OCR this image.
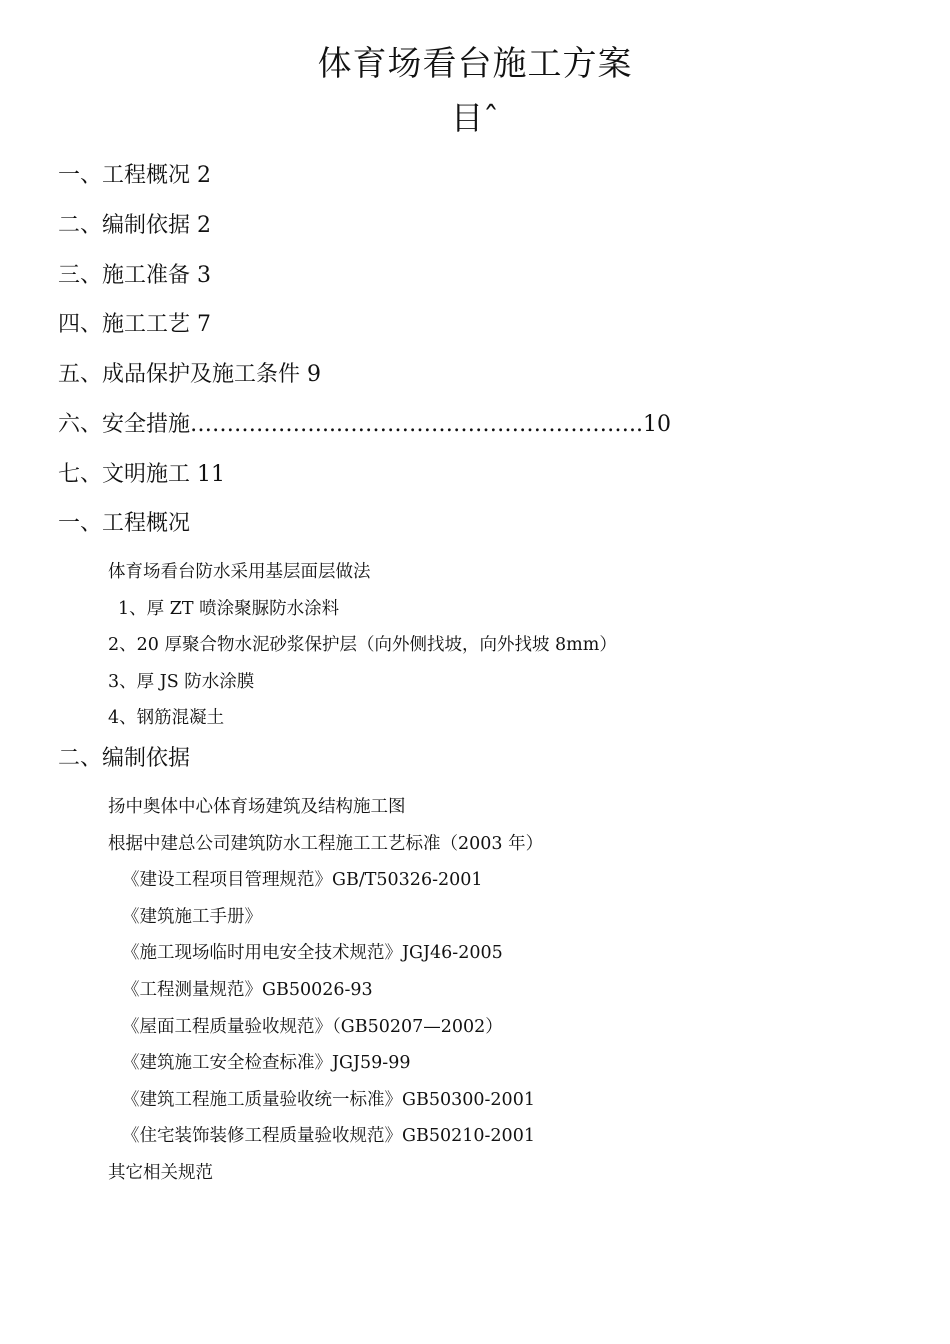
体育场看台施工方案
目ˆ
一、工程概况 2
二、编制依据 2
三、施工准备 3
四、施工工艺 7
五、成品保护及施工条件 9
六、安全措施………………...…………………………………..10
七、文明施工 11
一、工程概况
体育场看台防水采用基层面层做法
1、厚 ZT 喷涂聚脲防水涂料
2、20 厚聚合物水泥砂浆保护层（向外侧找坡，向外找坡 8mm）
3、厚 JS 防水涂膜
4、钢筋混凝土
二、编制依据
扬中奥体中心体育场建筑及结构施工图
根据中建总公司建筑防水工程施工工艺标准（2003 年）
《建设工程项目管理规范》GB/T50326-2001
《建筑施工手册》
《施工现场临时用电安全技术规范》JGJ46-2005
《工程测量规范》GB50026-93
《屋面工程质量验收规范》（GB50207—2002）
《建筑施工安全检查标准》JGJ59-99
《建筑工程施工质量验收统一标准》GB50300-2001
《住宅装饰装修工程质量验收规范》GB50210-2001
其它相关规范
